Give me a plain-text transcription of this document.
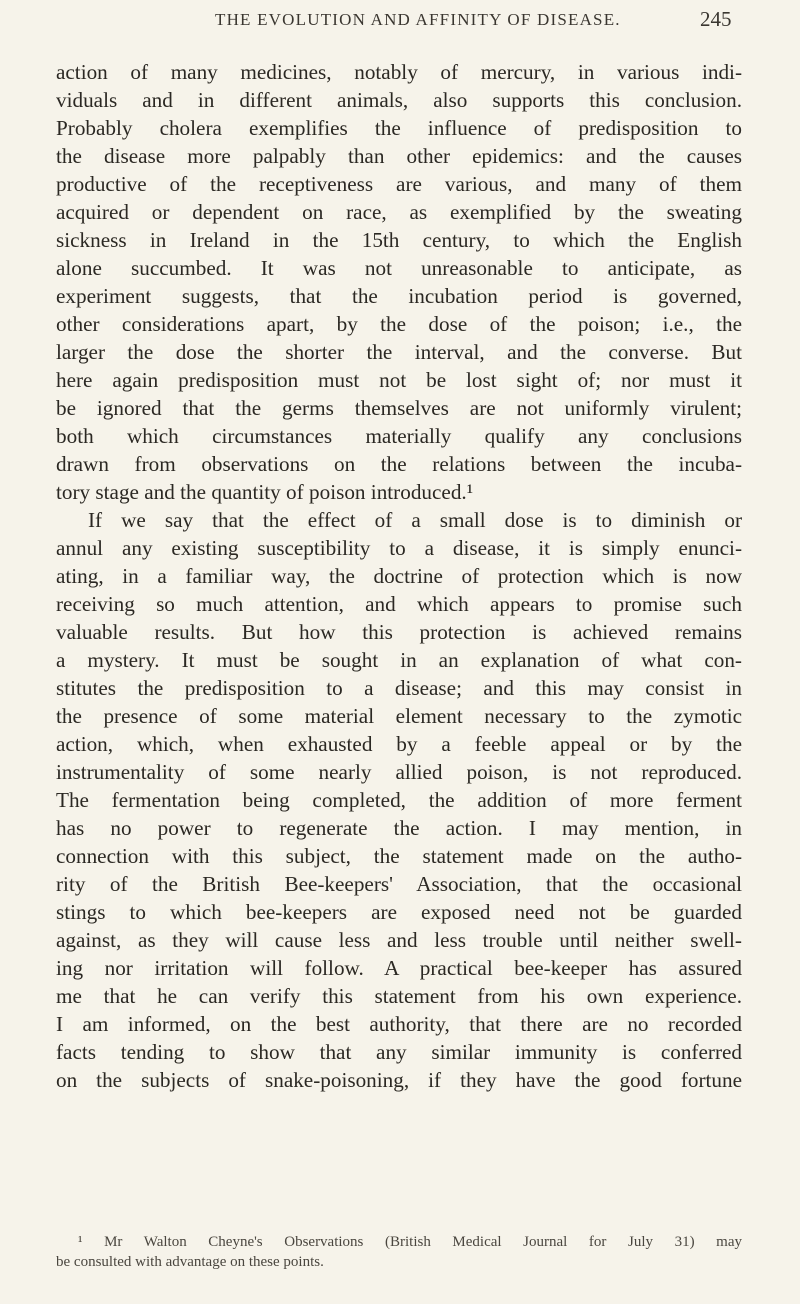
THE EVOLUTION AND AFFINITY OF DISEASE.	245
action of many medicines, notably of mercury, in various indi-
viduals and in different animals, also supports this conclusion.
Probably cholera exemplifies the influence of predisposition to
the disease more palpably than other epidemics: and the causes
productive of the receptiveness are various, and many of them
acquired or dependent on race, as exemplified by the sweating
sickness in Ireland in the 15th century, to which the English
alone succumbed. It was not unreasonable to anticipate, as
experiment suggests, that the incubation period is governed,
other considerations apart, by the dose of the poison; i.e., the
larger the dose the shorter the interval, and the converse. But
here again predisposition must not be lost sight of; nor must it
be ignored that the germs themselves are not uniformly virulent;
both which circumstances materially qualify any conclusions
drawn from observations on the relations between the incuba-
tory stage and the quantity of poison introduced.¹
If we say that the effect of a small dose is to diminish or
annul any existing susceptibility to a disease, it is simply enunci-
ating, in a familiar way, the doctrine of protection which is now
receiving so much attention, and which appears to promise such
valuable results. But how this protection is achieved remains
a mystery. It must be sought in an explanation of what con-
stitutes the predisposition to a disease; and this may consist in
the presence of some material element necessary to the zymotic
action, which, when exhausted by a feeble appeal or by the
instrumentality of some nearly allied poison, is not reproduced.
The fermentation being completed, the addition of more ferment
has no power to regenerate the action. I may mention, in
connection with this subject, the statement made on the autho-
rity of the British Bee-keepers' Association, that the occasional
stings to which bee-keepers are exposed need not be guarded
against, as they will cause less and less trouble until neither swell-
ing nor irritation will follow. A practical bee-keeper has assured
me that he can verify this statement from his own experience.
I am informed, on the best authority, that there are no recorded
facts tending to show that any similar immunity is conferred
on the subjects of snake-poisoning, if they have the good fortune
¹ Mr Walton Cheyne's Observations (British Medical Journal for July 31) may
be consulted with advantage on these points.
